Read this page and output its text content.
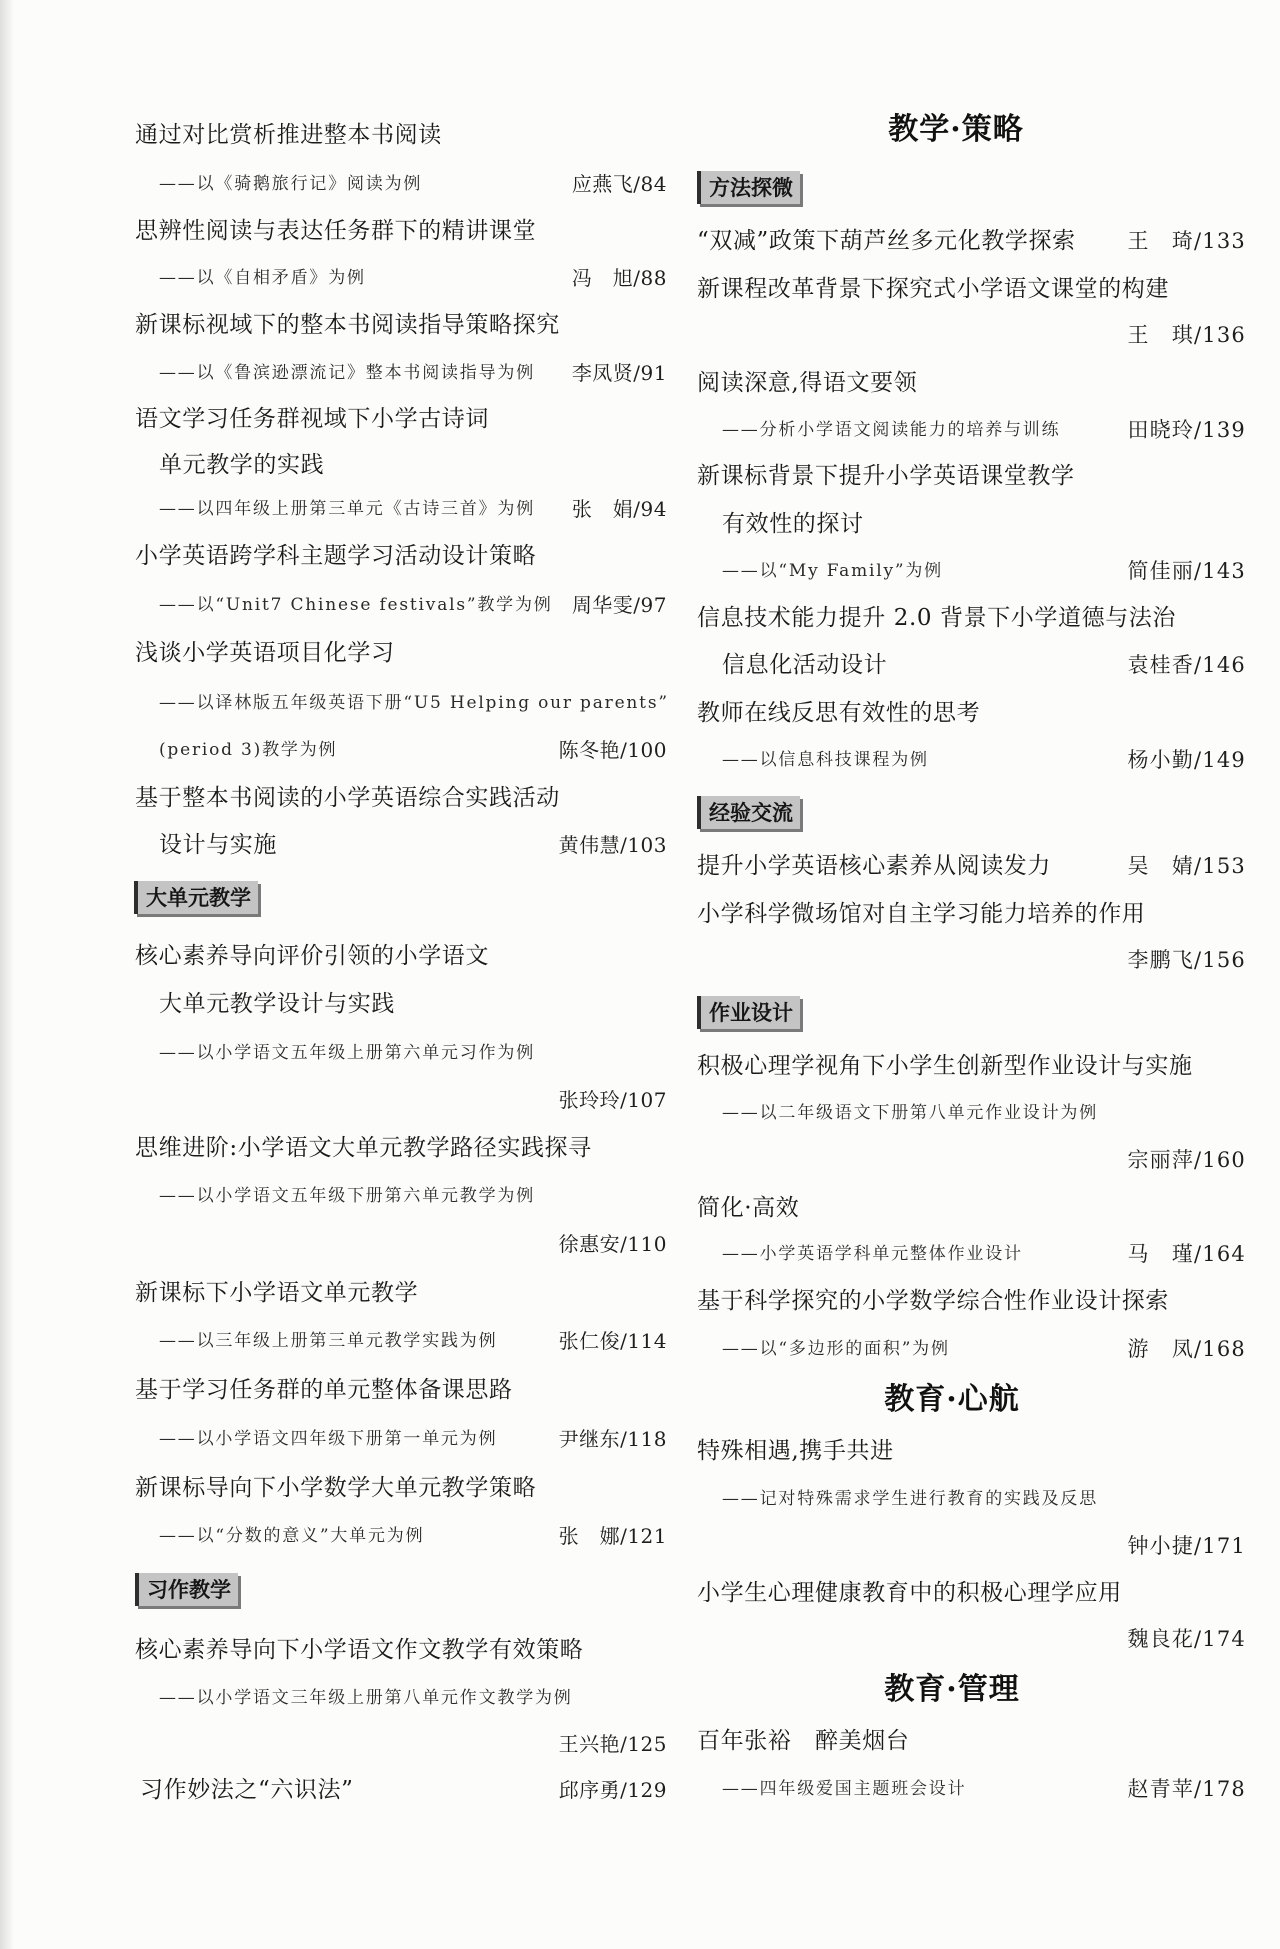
通过对比赏析推进整本书阅读
——以《骑鹅旅行记》阅读为例	应燕飞/84
思辨性阅读与表达任务群下的精讲课堂
——以《自相矛盾》为例	冯　旭/88
新课标视域下的整本书阅读指导策略探究
——以《鲁滨逊漂流记》整本书阅读指导为例 李凤贤/91
语文学习任务群视域下小学古诗词
单元教学的实践
——以四年级上册第三单元《古诗三首》为例 张　娟/94
小学英语跨学科主题学习活动设计策略
——以“Unit7 Chinese festivals”教学为例 周华雯/97
浅谈小学英语项目化学习
——以译林版五年级英语下册“U5 Helping our parents”
(period 3)教学为例	陈冬艳/100
基于整本书阅读的小学英语综合实践活动
设计与实施	黄伟慧/103
大单元教学
核心素养导向评价引领的小学语文
大单元教学设计与实践
——以小学语文五年级上册第六单元习作为例
张玲玲/107
思维进阶:小学语文大单元教学路径实践探寻
——以小学语文五年级下册第六单元教学为例
徐惠安/110
新课标下小学语文单元教学
——以三年级上册第三单元教学实践为例	张仁俊/114
基于学习任务群的单元整体备课思路
——以小学语文四年级下册第一单元为例	尹继东/118
新课标导向下小学数学大单元教学策略
——以“分数的意义”大单元为例	张　娜/121
习作教学
核心素养导向下小学语文作文教学有效策略
——以小学语文三年级上册第八单元作文教学为例
王兴艳/125
习作妙法之“六识法”	邱序勇/129
教学·策略
方法探微
“双减”政策下葫芦丝多元化教学探索 王　琦/133
新课程改革背景下探究式小学语文课堂的构建
王　琪/136
阅读深意,得语文要领
——分析小学语文阅读能力的培养与训练	田晓玲/139
新课标背景下提升小学英语课堂教学
有效性的探讨
——以“My Family”为例	简佳丽/143
信息技术能力提升 2.0 背景下小学道德与法治
信息化活动设计	袁桂香/146
教师在线反思有效性的思考
——以信息科技课程为例	杨小勤/149
经验交流
提升小学英语核心素养从阅读发力	吴　婧/153
小学科学微场馆对自主学习能力培养的作用
李鹏飞/156
作业设计
积极心理学视角下小学生创新型作业设计与实施
——以二年级语文下册第八单元作业设计为例
宗丽萍/160
简化·高效
——小学英语学科单元整体作业设计	马　瑾/164
基于科学探究的小学数学综合性作业设计探索
——以“多边形的面积”为例	游　凤/168
教育·心航
特殊相遇,携手共进
——记对特殊需求学生进行教育的实践及反思
钟小捷/171
小学生心理健康教育中的积极心理学应用
魏良花/174
教育·管理
百年张裕　醉美烟台
——四年级爱国主题班会设计	赵青苹/178
